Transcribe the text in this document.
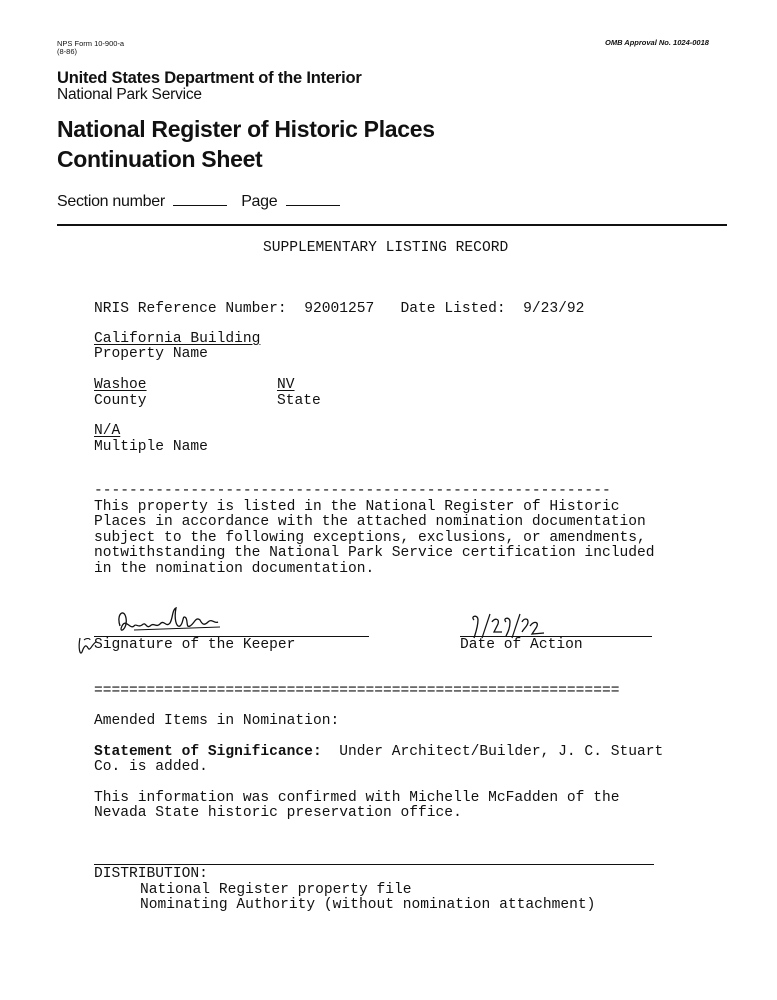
NPS Form 10-900-a
(8-86)
OMB Approval No. 1024-0018
United States Department of the Interior
National Park Service
National Register of Historic Places
Continuation Sheet
Section number	Page
SUPPLEMENTARY LISTING RECORD
NRIS Reference Number: 92001257 Date Listed: 9/23/92
California Building
Property Name
Washoe
County
NV
State
N/A
Multiple Name
-----------------------------------------------------------
This property is listed in the National Register of Historic
Places in accordance with the attached nomination documentation
subject to the following exceptions, exclusions, or amendments,
notwithstanding the National Park Service certification included
in the nomination documentation.
Signature of the Keeper	Date of Action
============================================================
Amended Items in Nomination:
Statement of Significance: Under Architect/Builder, J. C. Stuart
Co. is added.
This information was confirmed with Michelle McFadden of the
Nevada State historic preservation office.
DISTRIBUTION:
National Register property file
Nominating Authority (without nomination attachment)
